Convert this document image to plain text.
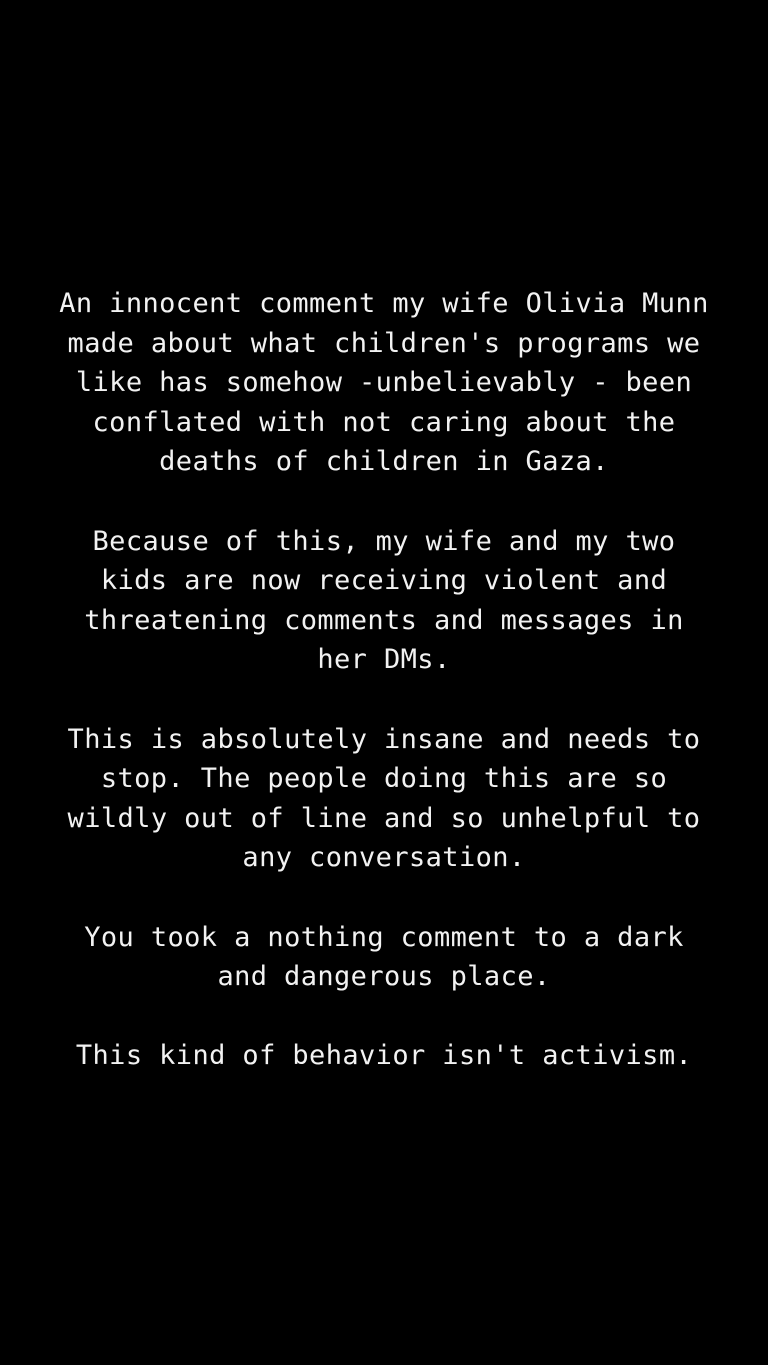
An innocent comment my wife Olivia Munn
made about what children's programs we
like has somehow -unbelievably - been
conflated with not caring about the
deaths of children in Gaza.

Because of this, my wife and my two
kids are now receiving violent and
threatening comments and messages in
her DMs.

This is absolutely insane and needs to
stop. The people doing this are so
wildly out of line and so unhelpful to
any conversation.

You took a nothing comment to a dark
and dangerous place.

This kind of behavior isn't activism.
